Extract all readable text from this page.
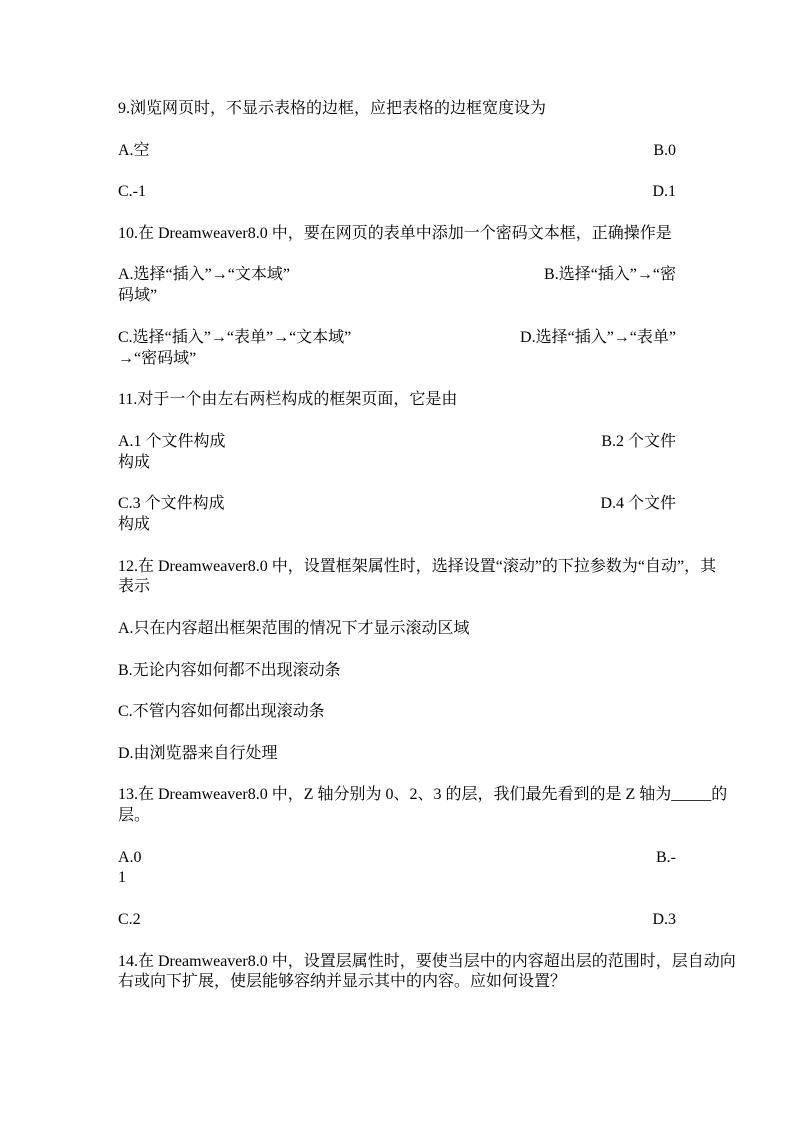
9.浏览网页时，不显示表格的边框，应把表格的边框宽度设为
A.空	B.0
C.-1	D.1
10.在 Dreamweaver8.0 中，要在网页的表单中添加一个密码文本框，正确操作是
A.选择“插入”→“文本域”	B.选择“插入”→“密
码域”
C.选择“插入”→“表单”→“文本域”	D.选择“插入”→“表单”
→“密码域”
11.对于一个由左右两栏构成的框架页面，它是由
A.1 个文件构成	B.2 个文件
构成
C.3 个文件构成	D.4 个文件
构成
12.在 Dreamweaver8.0 中，设置框架属性时，选择设置“滚动”的下拉参数为“自动”，其
表示
A.只在内容超出框架范围的情况下才显示滚动区域
B.无论内容如何都不出现滚动条
C.不管内容如何都出现滚动条
D.由浏览器来自行处理
13.在 Dreamweaver8.0 中，Z 轴分别为 0、2、3 的层，我们最先看到的是 Z 轴为_____的
层。
A.0	B.-
1
C.2	D.3
14.在 Dreamweaver8.0 中，设置层属性时，要使当层中的内容超出层的范围时，层自动向
右或向下扩展，使层能够容纳并显示其中的内容。应如何设置？
